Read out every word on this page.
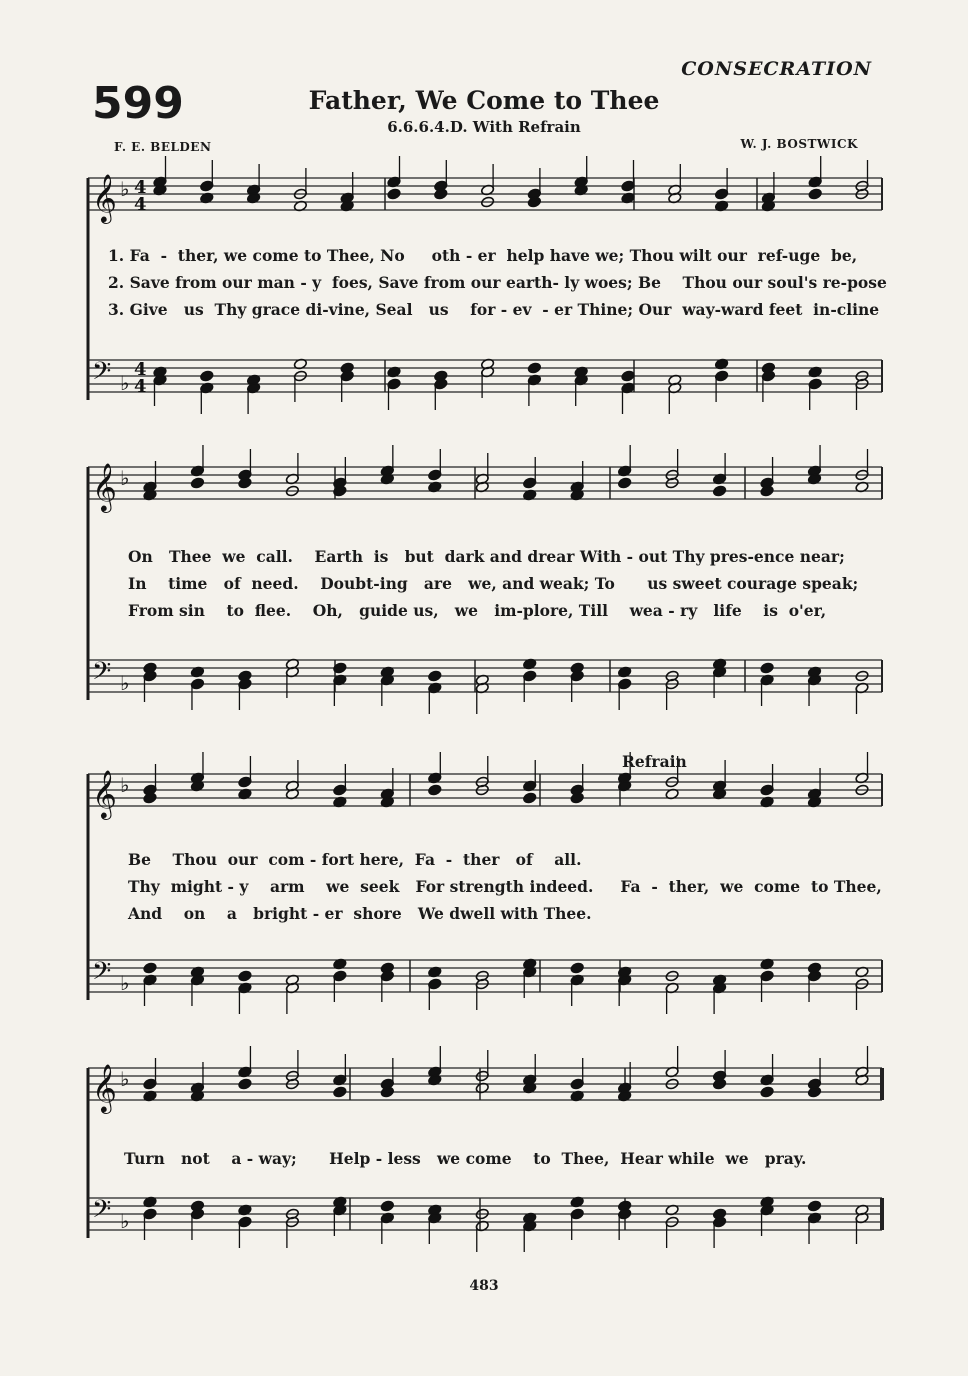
𝄞 ♭ 4
4
𝄢 ♭
4
4
𝄞 ♭
𝄢 ♭
𝄞 ♭
𝄢 ♭
𝄞 ♭
𝄢 ♭
CONSECRATION
599	Father, We Come to Thee
6.6.6.4.D. With Refrain
F. E. BELDEN	W. J. BOSTWICK
1. Fa  -  ther, we come to Thee, No     oth - er  help have we; Thou wilt our  ref-uge  be,
2. Save from our man - y  foes, Save from our earth- ly woes; Be    Thou our soul's re-pose
3. Give   us  Thy grace di-vine, Seal   us    for - ev  - er Thine; Our  way-ward feet  in-cline
On   Thee  we  call.    Earth  is   but  dark and drear With - out Thy pres-ence near;
In    time   of  need.    Doubt-ing   are   we, and weak; To      us sweet courage speak;
From sin    to  flee.    Oh,   guide us,   we   im-plore, Till    wea - ry   life    is  o'er,
Refrain
Be    Thou  our  com - fort here,  Fa  -  ther   of    all.
Thy  might - y    arm    we  seek   For strength indeed.     Fa  -  ther,  we  come  to Thee,
And    on    a   bright - er  shore   We dwell with Thee.
Turn   not    a - way;      Help - less   we come    to  Thee,  Hear while  we   pray.
483
